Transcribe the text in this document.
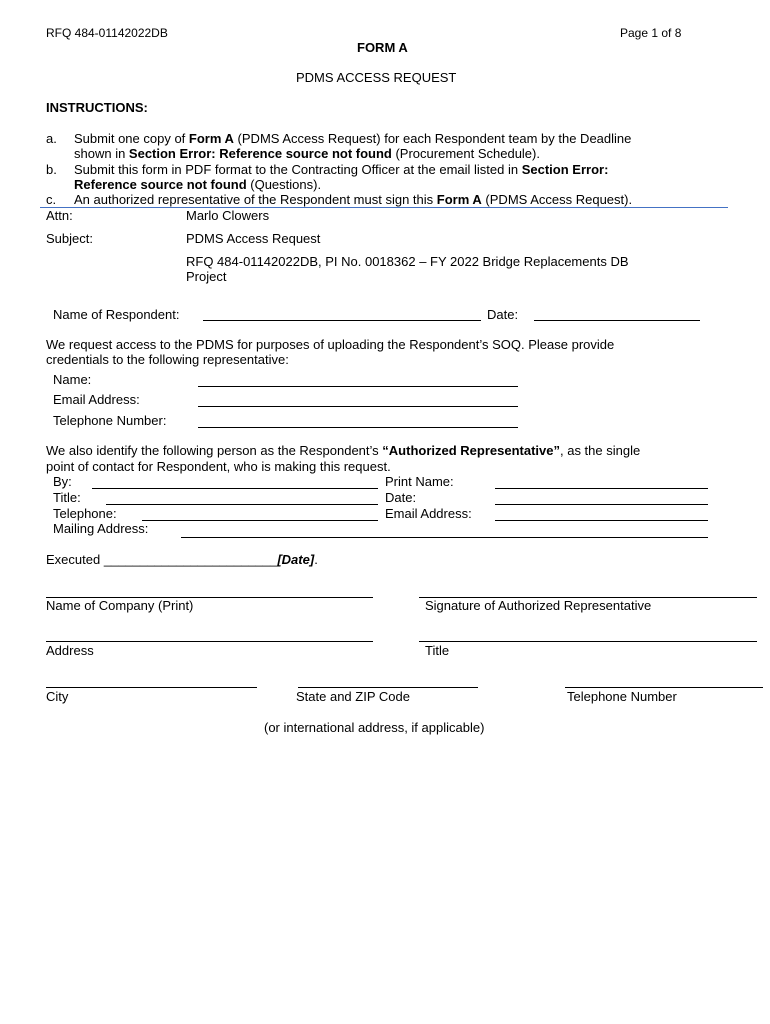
RFQ 484-01142022DB	Page 1 of 8
FORM A
PDMS ACCESS REQUEST
INSTRUCTIONS:
a. Submit one copy of Form A (PDMS Access Request) for each Respondent team by the Deadline
shown in Section Error: Reference source not found (Procurement Schedule).
b. Submit this form in PDF format to the Contracting Officer at the email listed in Section Error:
Reference source not found (Questions).
c. An authorized representative of the Respondent must sign this Form A (PDMS Access Request).
Attn:	Marlo Clowers
Subject:	PDMS Access Request
RFQ 484-01142022DB, PI No. 0018362 – FY 2022 Bridge Replacements DB
Project
Name of Respondent:	Date:
We request access to the PDMS for purposes of uploading the Respondent’s SOQ. Please provide
credentials to the following representative:
Name:
Email Address:
Telephone Number:
We also identify the following person as the Respondent’s “Authorized Representative”, as the single
point of contact for Respondent, who is making this request.
By:	Print Name:
Title:	Date:
Telephone:	Email Address:
Mailing Address:
Executed ________________________[Date].
Name of Company (Print)	Signature of Authorized Representative
Address	Title
City	State and ZIP Code	Telephone Number
(or international address, if applicable)
